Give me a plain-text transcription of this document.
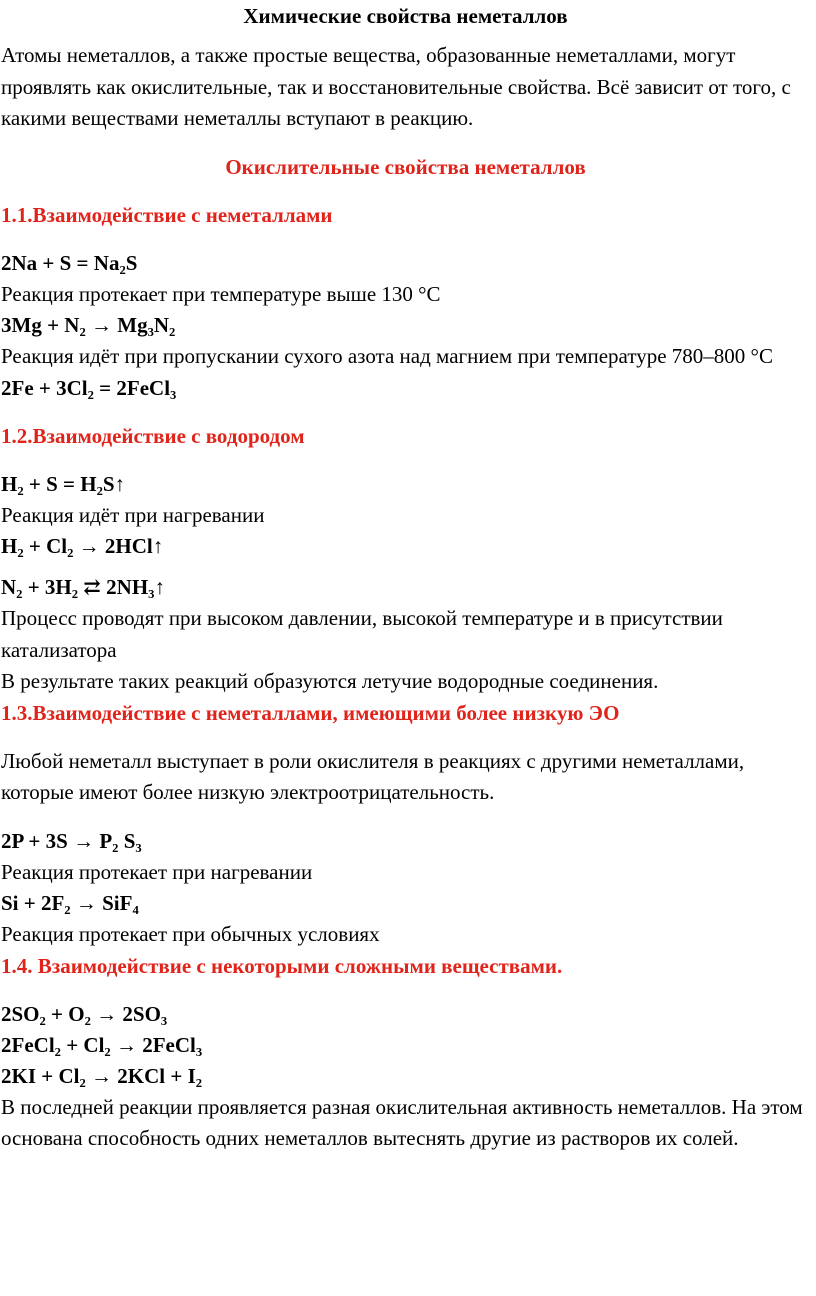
Химические свойства неметаллов

Атомы неметаллов, а также простые вещества, образованные неметаллами, могут проявлять как окислительные, так и восстановительные свойства. Всё зависит от того, с какими веществами неметаллы вступают в реакцию.

Окислительные свойства неметаллов

1.1.Взаимодействие с неметаллами

2Na + S = Na₂S

Реакция протекает при температуре выше 130 °C

3Mg + N₂ → Mg₃N₂

Реакция идёт при пропускании сухого азота над магнием при температуре 780–800 °C

2Fe + 3Cl₂ = 2FeCl₃

1.2.Взаимодействие с водородом

H₂ + S = H₂S↑

Реакция идёт при нагревании

H₂ + Cl₂ → 2HCl↑

N₂ + 3H₂ ⇄ 2NH₃↑

Процесс проводят при высоком давлении, высокой температуре и в присутствии катализатора

В результате таких реакций образуются летучие водородные соединения.

1.3.Взаимодействие с неметаллами, имеющими более низкую ЭО

Любой неметалл выступает в роли окислителя в реакциях с другими неметаллами, которые имеют более низкую электроотрицательность.

2P + 3S → P₂ S₃

Реакция протекает при нагревании

Si + 2F₂ → SiF₄

Реакция протекает при обычных условиях

1.4. Взаимодействие с некоторыми сложными веществами.

2SO₂ + O₂ → 2SO₃

2FeCl₂ + Cl₂ → 2FeCl₃

2KI + Cl₂ → 2KCl + I₂

В последней реакции проявляется разная окислительная активность неметаллов. На этом основана способность одних неметаллов вытеснять другие из растворов их солей.
